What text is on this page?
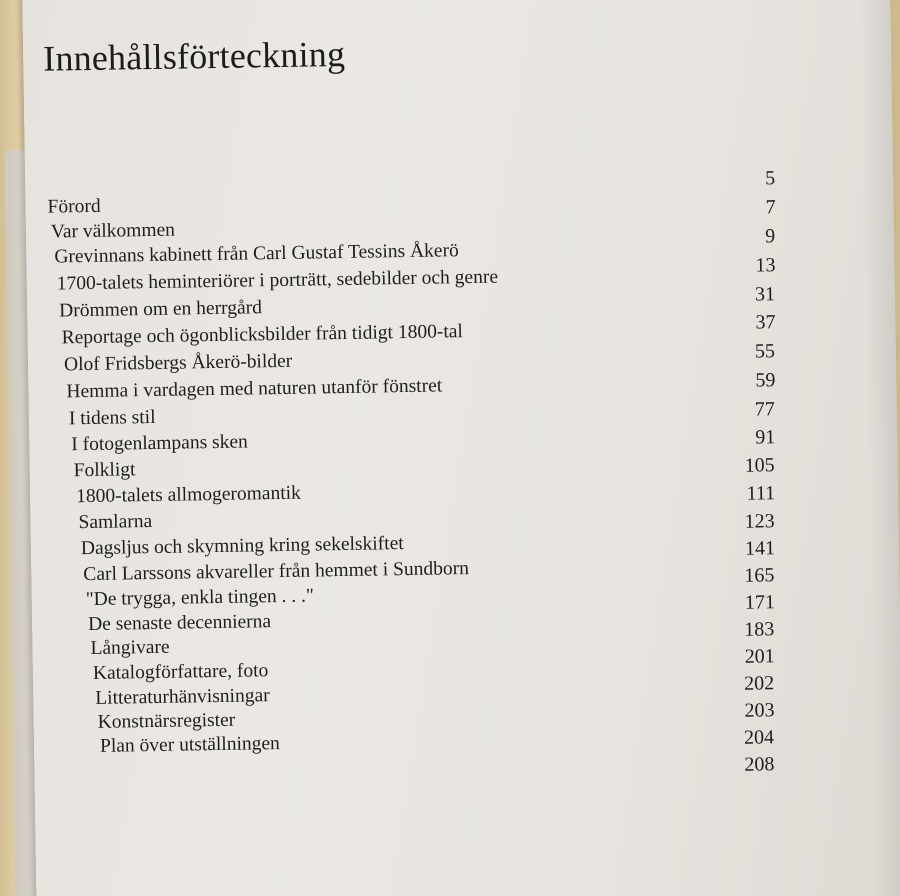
Innehållsförteckning
Förord
Var välkommen
Grevinnans kabinett från Carl Gustaf Tessins Åkerö
1700-talets heminteriörer i porträtt, sedebilder och genre
Drömmen om en herrgård
Reportage och ögonblicksbilder från tidigt 1800-tal
Olof Fridsbergs Åkerö-bilder
Hemma i vardagen med naturen utanför fönstret
I tidens stil
I fotogenlampans sken
Folkligt
1800-talets allmogeromantik
Samlarna
Dagsljus och skymning kring sekelskiftet
Carl Larssons akvareller från hemmet i Sundborn
"De trygga, enkla tingen . . ."
De senaste decennierna
Långivare
Katalogförfattare, foto
Litteraturhänvisningar
Konstnärsregister
Plan över utställningen
5
7
9
13
31
37
55
59
77
91
105
111
123
141
165
171
183
201
202
203
204
208
